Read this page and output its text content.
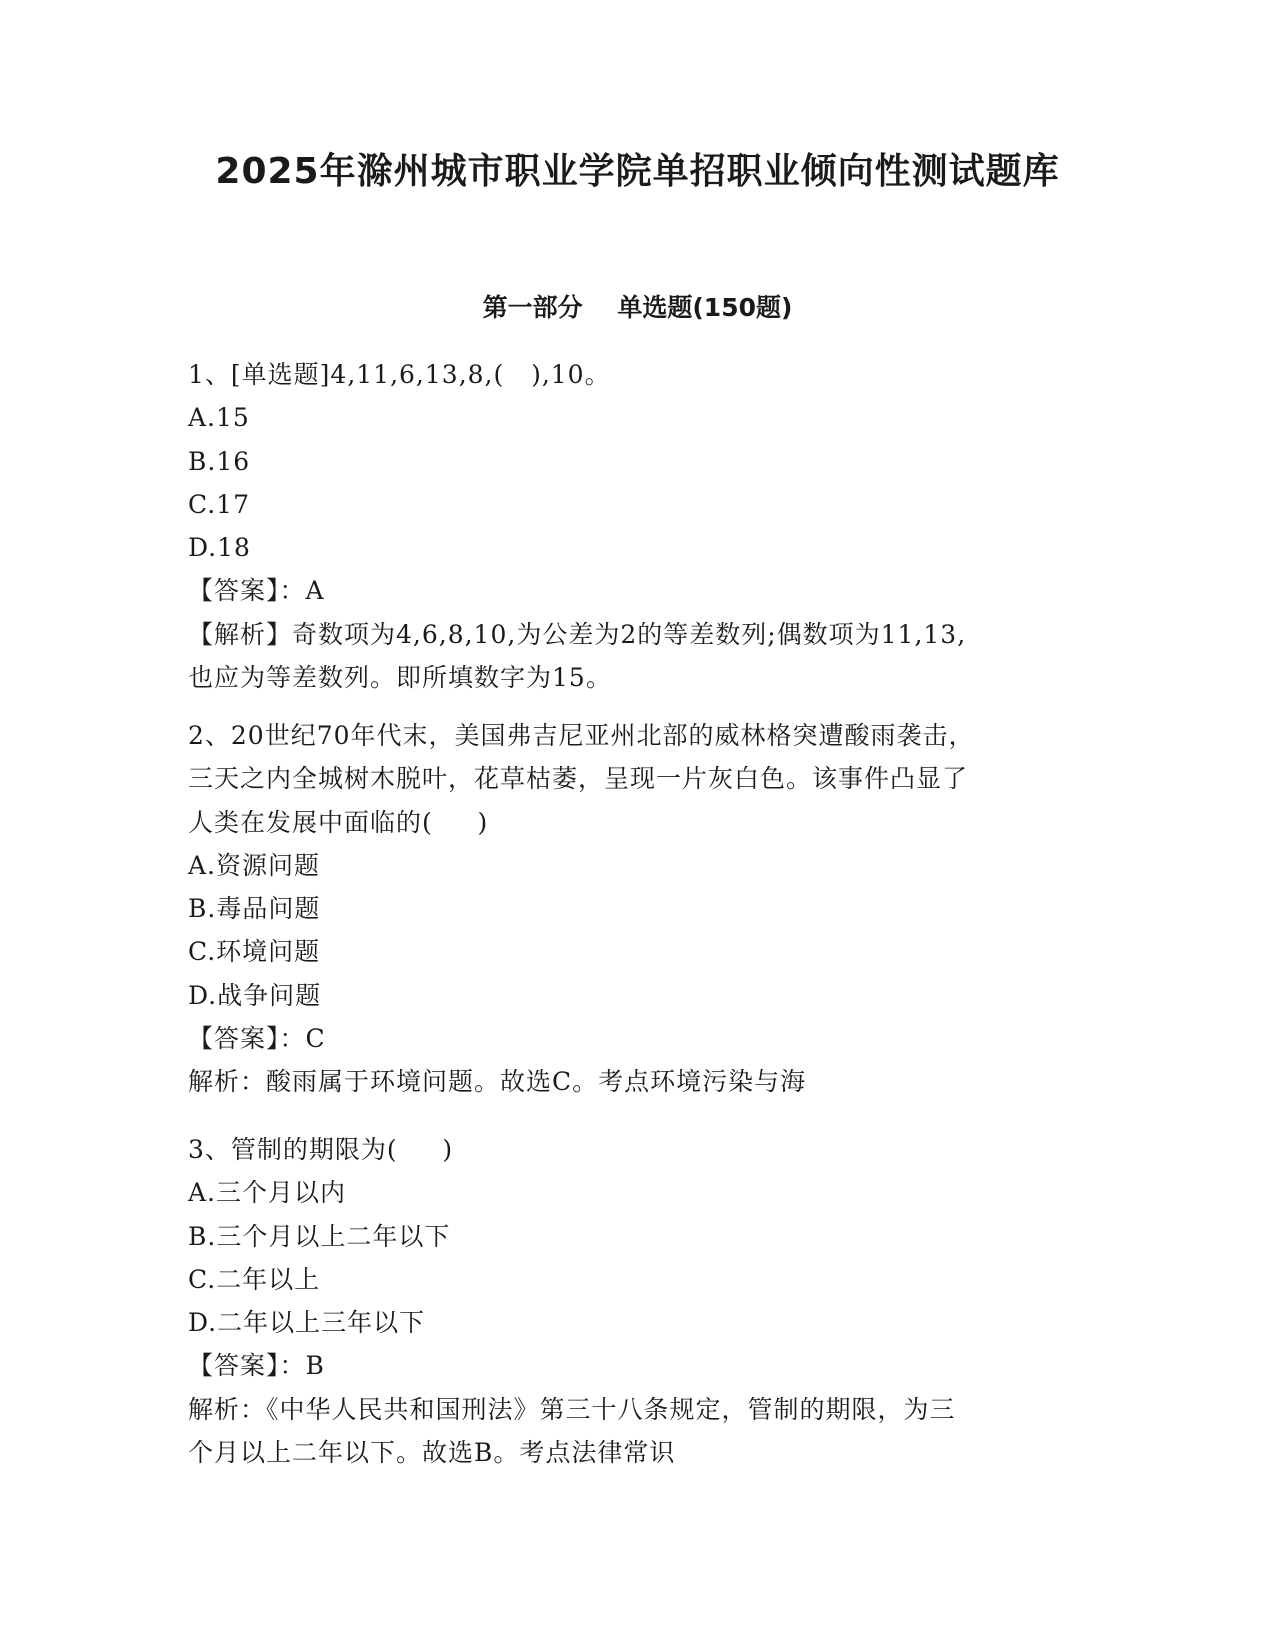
2025年滁州城市职业学院单招职业倾向性测试题库
第一部分    单选题(150题)
1、[单选题]4,11,6,13,8,(   ),10。
A.15
B.16
C.17
D.18
【答案】：A
【解析】奇数项为4,6,8,10,为公差为2的等差数列;偶数项为11,13,
也应为等差数列。即所填数字为15。
2、20世纪70年代末，美国弗吉尼亚州北部的威林格突遭酸雨袭击，
三天之内全城树木脱叶，花草枯萎，呈现一片灰白色。该事件凸显了
人类在发展中面临的(     )
A.资源问题
B.毒品问题
C.环境问题
D.战争问题
【答案】：C
解析：酸雨属于环境问题。故选C。考点环境污染与海
3、管制的期限为(     )
A.三个月以内
B.三个月以上二年以下
C.二年以上
D.二年以上三年以下
【答案】：B
解析：《中华人民共和国刑法》第三十八条规定，管制的期限，为三
个月以上二年以下。故选B。考点法律常识
